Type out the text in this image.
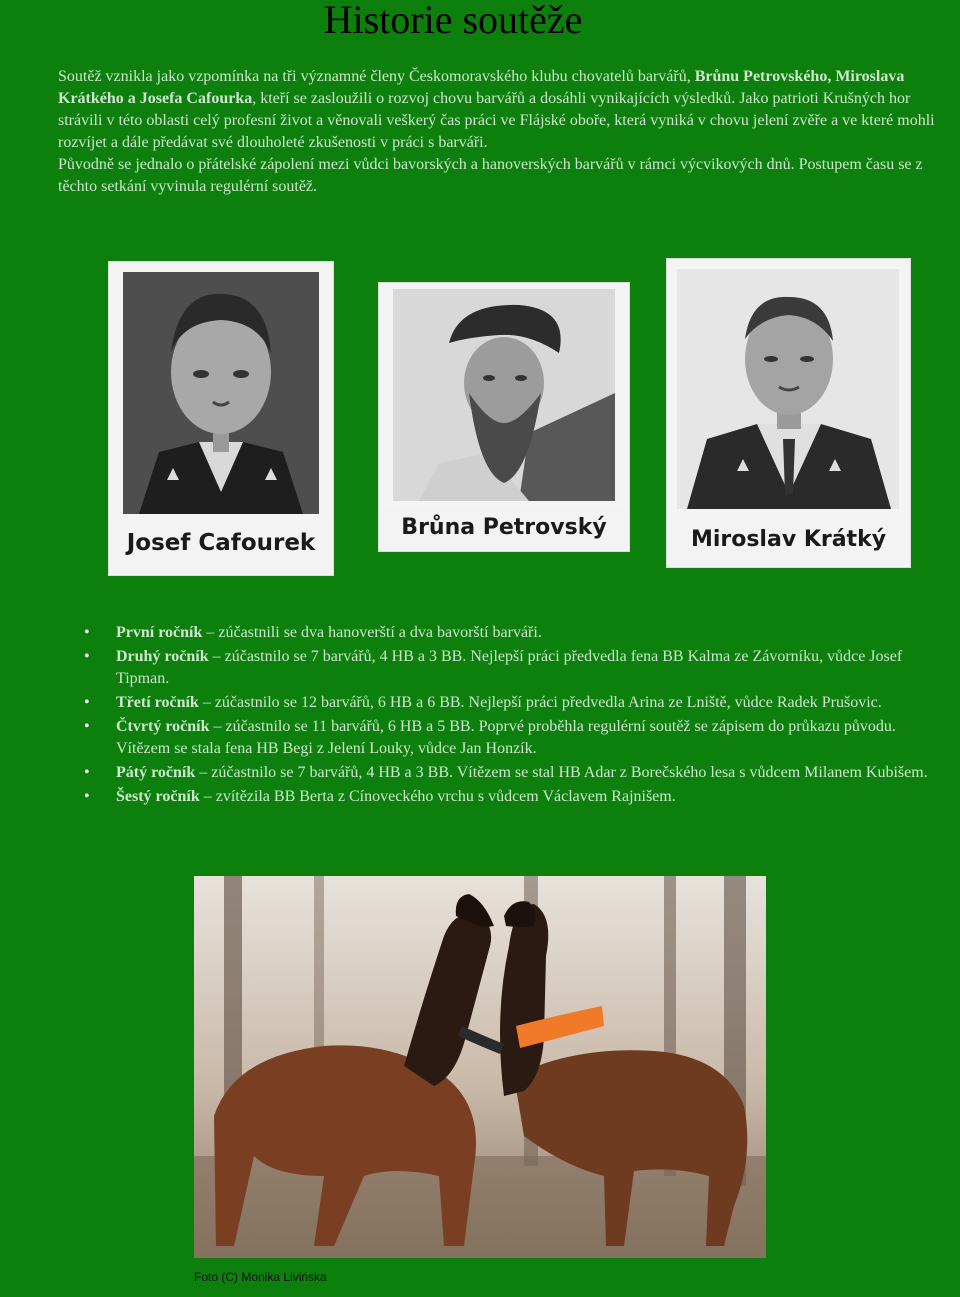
Historie soutěže

Soutěž vznikla jako vzpomínka na tři významné členy Českomoravského klubu chovatelů barvářů, Brůnu Petrovského, Miroslava Krátkého a Josefa Cafourka, kteří se zasloužili o rozvoj chovu barvářů a dosáhli vynikajících výsledků. Jako patrioti Krušných hor strávili v této oblasti celý profesní život a věnovali veškerý čas práci ve Flájské oboře, která vyniká v chovu jelení zvěře a ve které mohli rozvíjet a dále předávat své dlouholeté zkušenosti v práci s barváři.

Původně se jednalo o přátelské zápolení mezi vůdci bavorských a hanoverských barvářů v rámci výcvikových dnů. Postupem času se z těchto setkání vyvinula regulérní soutěž.

Josef Cafourek
Brůna Petrovský	Miroslav Krátký
• První ročník – zúčastnili se dva hanoverští a dva bavorští barváři.
• Druhý ročník – zúčastnilo se 7 barvářů, 4 HB a 3 BB. Nejlepší práci předvedla fena BB Kalma ze Závorníku, vůdce Josef Tipman.
• Třetí ročník – zúčastnilo se 12 barvářů, 6 HB a 6 BB. Nejlepší práci předvedla Arina ze Lniště, vůdce Radek Prušovic.
• Čtvrtý ročník – zúčastnilo se 11 barvářů, 6 HB a 5 BB. Poprvé proběhla regulérní soutěž se zápisem do průkazu původu. Vítězem se stala fena HB Begi z Jelení Louky, vůdce Jan Honzík.
• Pátý ročník – zúčastnilo se 7 barvářů, 4 HB a 3 BB. Vítězem se stal HB Adar z Borečského lesa s vůdcem Milanem Kubišem.
• Šestý ročník – zvítězila BB Berta z Cínoveckého vrchu s vůdcem Václavem Rajnišem.
Foto (C) Monika Livińska
